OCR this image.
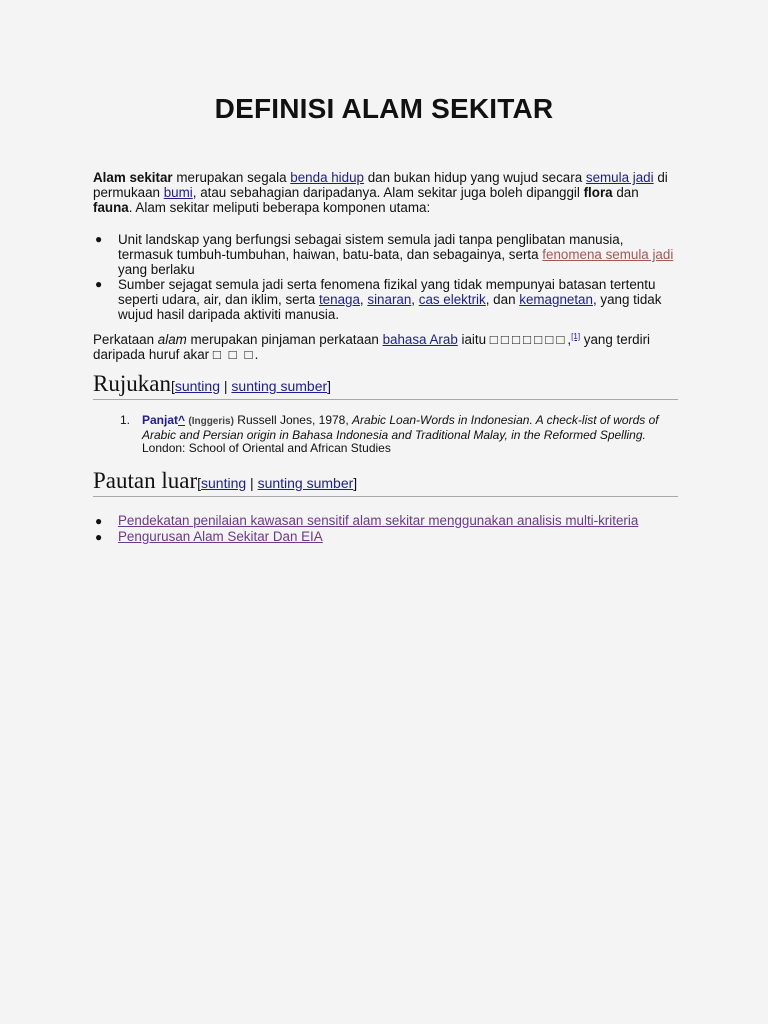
DEFINISI ALAM SEKITAR

Alam sekitar merupakan segala benda hidup dan bukan hidup yang wujud secara semula jadi di permukaan bumi, atau sebahagian daripadanya. Alam sekitar juga boleh dipanggil flora dan fauna. Alam sekitar meliputi beberapa komponen utama:

● Unit landskap yang berfungsi sebagai sistem semula jadi tanpa penglibatan manusia, termasuk tumbuh-tumbuhan, haiwan, batu-bata, dan sebagainya, serta fenomena semula jadi yang berlaku
● Sumber sejagat semula jadi serta fenomena fizikal yang tidak mempunyai batasan tertentu seperti udara, air, dan iklim, serta tenaga, sinaran, cas elektrik, dan kemagnetan, yang tidak wujud hasil daripada aktiviti manusia.

Perkataan alam merupakan pinjaman perkataan bahasa Arab iaitu □□□□□□□,[1] yang terdiri daripada huruf akar □ □ □.

Rujukan[sunting | sunting sumber]
1. Panjat^ (Inggeris) Russell Jones, 1978, Arabic Loan-Words in Indonesian. A check-list of words of Arabic and Persian origin in Bahasa Indonesia and Traditional Malay, in the Reformed Spelling.
London: School of Oriental and African Studies
Pautan luar[sunting | sunting sumber]
● Pendekatan penilaian kawasan sensitif alam sekitar menggunakan analisis multi-kriteria
● Pengurusan Alam Sekitar Dan EIA
